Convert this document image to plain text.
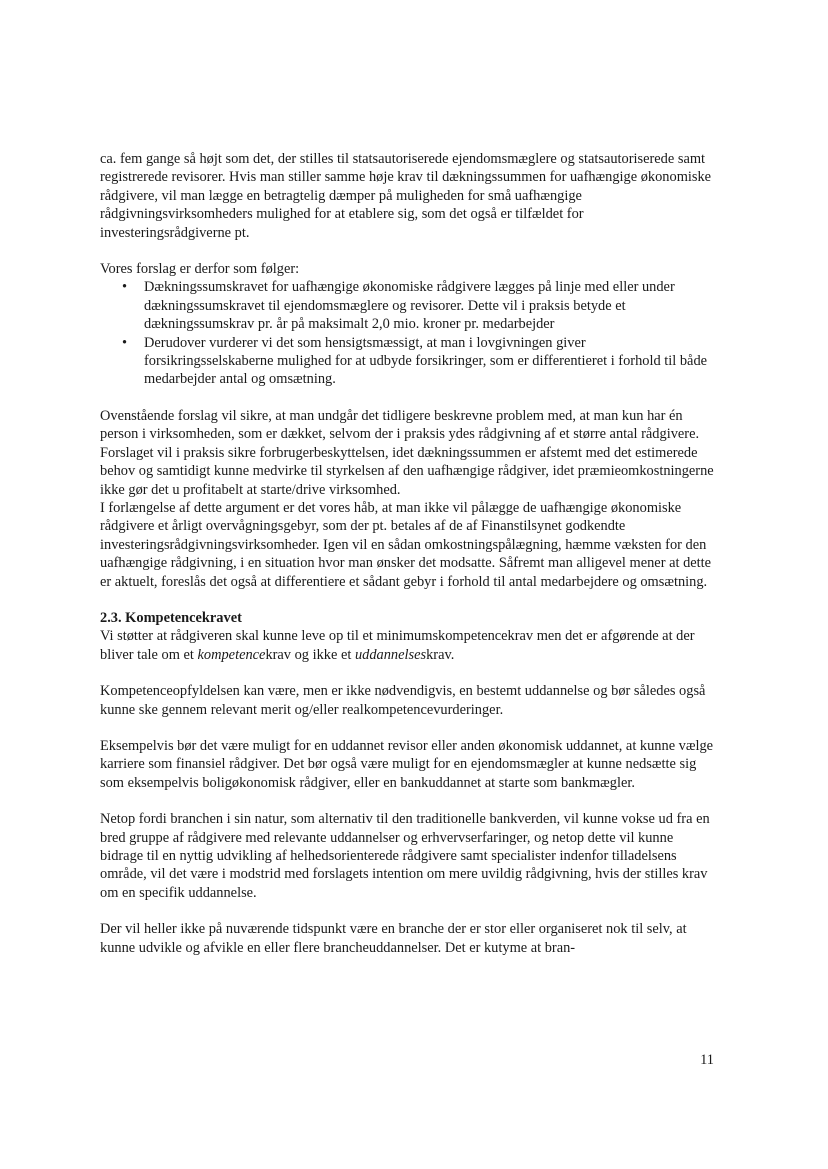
ca. fem gange så højt som det, der stilles til statsautoriserede ejendomsmæglere og statsautoriserede samt registrerede revisorer. Hvis man stiller samme høje krav til dækningssummen for uafhængige økonomiske rådgivere, vil man lægge en betragtelig dæmper på muligheden for små uafhængige rådgivningsvirksomheders mulighed for at etablere sig, som det også er tilfældet for investeringsrådgiverne pt.

Vores forslag er derfor som følger:

• Dækningssumskravet for uafhængige økonomiske rådgivere lægges på linje med eller under dækningssumskravet til ejendomsmæglere og revisorer. Dette vil i praksis betyde et dækningssumskrav pr. år på maksimalt 2,0 mio. kroner pr. medarbejder
• Derudover vurderer vi det som hensigtsmæssigt, at man i lovgivningen giver forsikringsselskaberne mulighed for at udbyde forsikringer, som er differentieret i forhold til både medarbejder antal og omsætning.

Ovenstående forslag vil sikre, at man undgår det tidligere beskrevne problem med, at man kun har én person i virksomheden, som er dækket, selvom der i praksis ydes rådgivning af et større antal rådgivere. Forslaget vil i praksis sikre forbrugerbeskyttelsen, idet dækningssummen er afstemt med det estimerede behov og samtidigt kunne medvirke til styrkelsen af den uafhængige rådgiver, idet præmieomkostningerne ikke gør det u profitabelt at starte/drive virksomhed.

I forlængelse af dette argument er det vores håb, at man ikke vil pålægge de uafhængige økonomiske rådgivere et årligt overvågningsgebyr, som der pt. betales af de af Finanstilsynet godkendte investeringsrådgivningsvirksomheder. Igen vil en sådan omkostningspålægning, hæmme væksten for den uafhængige rådgivning, i en situation hvor man ønsker det modsatte. Såfremt man alligevel mener at dette er aktuelt, foreslås det også at differentiere et sådant gebyr i forhold til antal medarbejdere og omsætning.

2.3. Kompetencekravet

Vi støtter at rådgiveren skal kunne leve op til et minimumskompetencekrav men det er afgørende at der bliver tale om et kompetencekrav og ikke et uddannelseskrav.

Kompetenceopfyldelsen kan være, men er ikke nødvendigvis, en bestemt uddannelse og bør således også kunne ske gennem relevant merit og/eller realkompetencevurderinger.

Eksempelvis bør det være muligt for en uddannet revisor eller anden økonomisk uddannet, at kunne vælge karriere som finansiel rådgiver. Det bør også være muligt for en ejendomsmægler at kunne nedsætte sig som eksempelvis boligøkonomisk rådgiver, eller en bankuddannet at starte som bankmægler.

Netop fordi branchen i sin natur, som alternativ til den traditionelle bankverden, vil kunne vokse ud fra en bred gruppe af rådgivere med relevante uddannelser og erhvervserfaringer, og netop dette vil kunne bidrage til en nyttig udvikling af helhedsorienterede rådgivere samt specialister indenfor tilladelsens område, vil det være i modstrid med forslagets intention om mere uvildig rådgivning, hvis der stilles krav om en specifik uddannelse.

Der vil heller ikke på nuværende tidspunkt være en branche der er stor eller organiseret nok til selv, at kunne udvikle og afvikle en eller flere brancheuddannelser. Det er kutyme at bran-

11
